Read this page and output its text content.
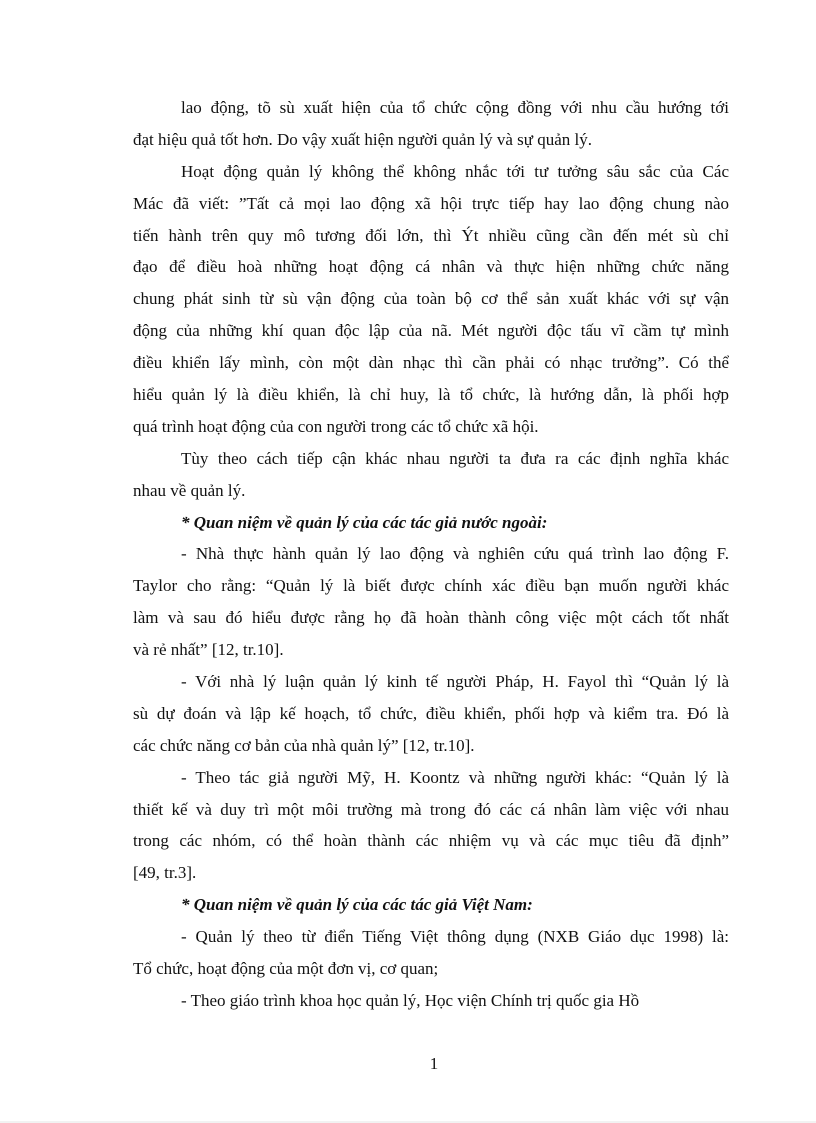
lao động, tõ sù xuất hiện của tổ chức cộng đồng với nhu cầu hướng tới
đạt hiệu quả tốt hơn. Do vậy xuất hiện người quản lý và sự quản lý.
Hoạt động quản lý không thể không nhắc tới tư tưởng sâu sắc của Các
Mác đã viết: ”Tất cả mọi lao động xã hội trực tiếp hay lao động chung nào
tiến hành trên quy mô tương đối lớn, thì Ýt nhiều cũng cần đến mét sù chỉ
đạo để điều hoà những hoạt động cá nhân và thực hiện những chức năng
chung phát sinh từ sù vận động của toàn bộ cơ thể sản xuất khác với sự vận
động của những khí quan độc lập của nã. Mét người độc tấu vĩ cầm tự mình
điều khiển lấy mình, còn một dàn nhạc thì cần phải có nhạc trưởng”. Có thể
hiểu quản lý là điều khiển, là chỉ huy, là tổ chức, là hướng dẫn, là phối hợp
quá trình hoạt động của con người trong các tổ chức xã hội.
Tùy theo cách tiếp cận khác nhau người ta đưa ra các định nghĩa khác
nhau về quản lý.
* Quan niệm về quản lý của các tác giả nước ngoài:
- Nhà thực hành quản lý lao động và nghiên cứu quá trình lao động F.
Taylor cho rằng: “Quản lý là biết được chính xác điều bạn muốn người khác
làm và sau đó hiểu được rằng họ đã hoàn thành công việc một cách tốt nhất
và rẻ nhất” [12, tr.10].
- Với nhà lý luận quản lý kinh tế người Pháp, H. Fayol thì “Quản lý là
sù dự đoán và lập kế hoạch, tổ chức, điều khiển, phối hợp và kiểm tra. Đó là
các chức năng cơ bản của nhà quản lý” [12, tr.10].
- Theo tác giả người Mỹ, H. Koontz và những người khác: “Quản lý là
thiết kế và duy trì một môi trường mà trong đó các cá nhân làm việc với nhau
trong các nhóm, có thể hoàn thành các nhiệm vụ và các mục tiêu đã định”
[49, tr.3].
* Quan niệm về quản lý của các tác giả Việt Nam:
- Quản lý theo từ điển Tiếng Việt thông dụng (NXB Giáo dục 1998) là:
Tổ chức, hoạt động của một đơn vị, cơ quan;
- Theo giáo trình khoa học quản lý, Học viện Chính trị quốc gia Hồ
1
